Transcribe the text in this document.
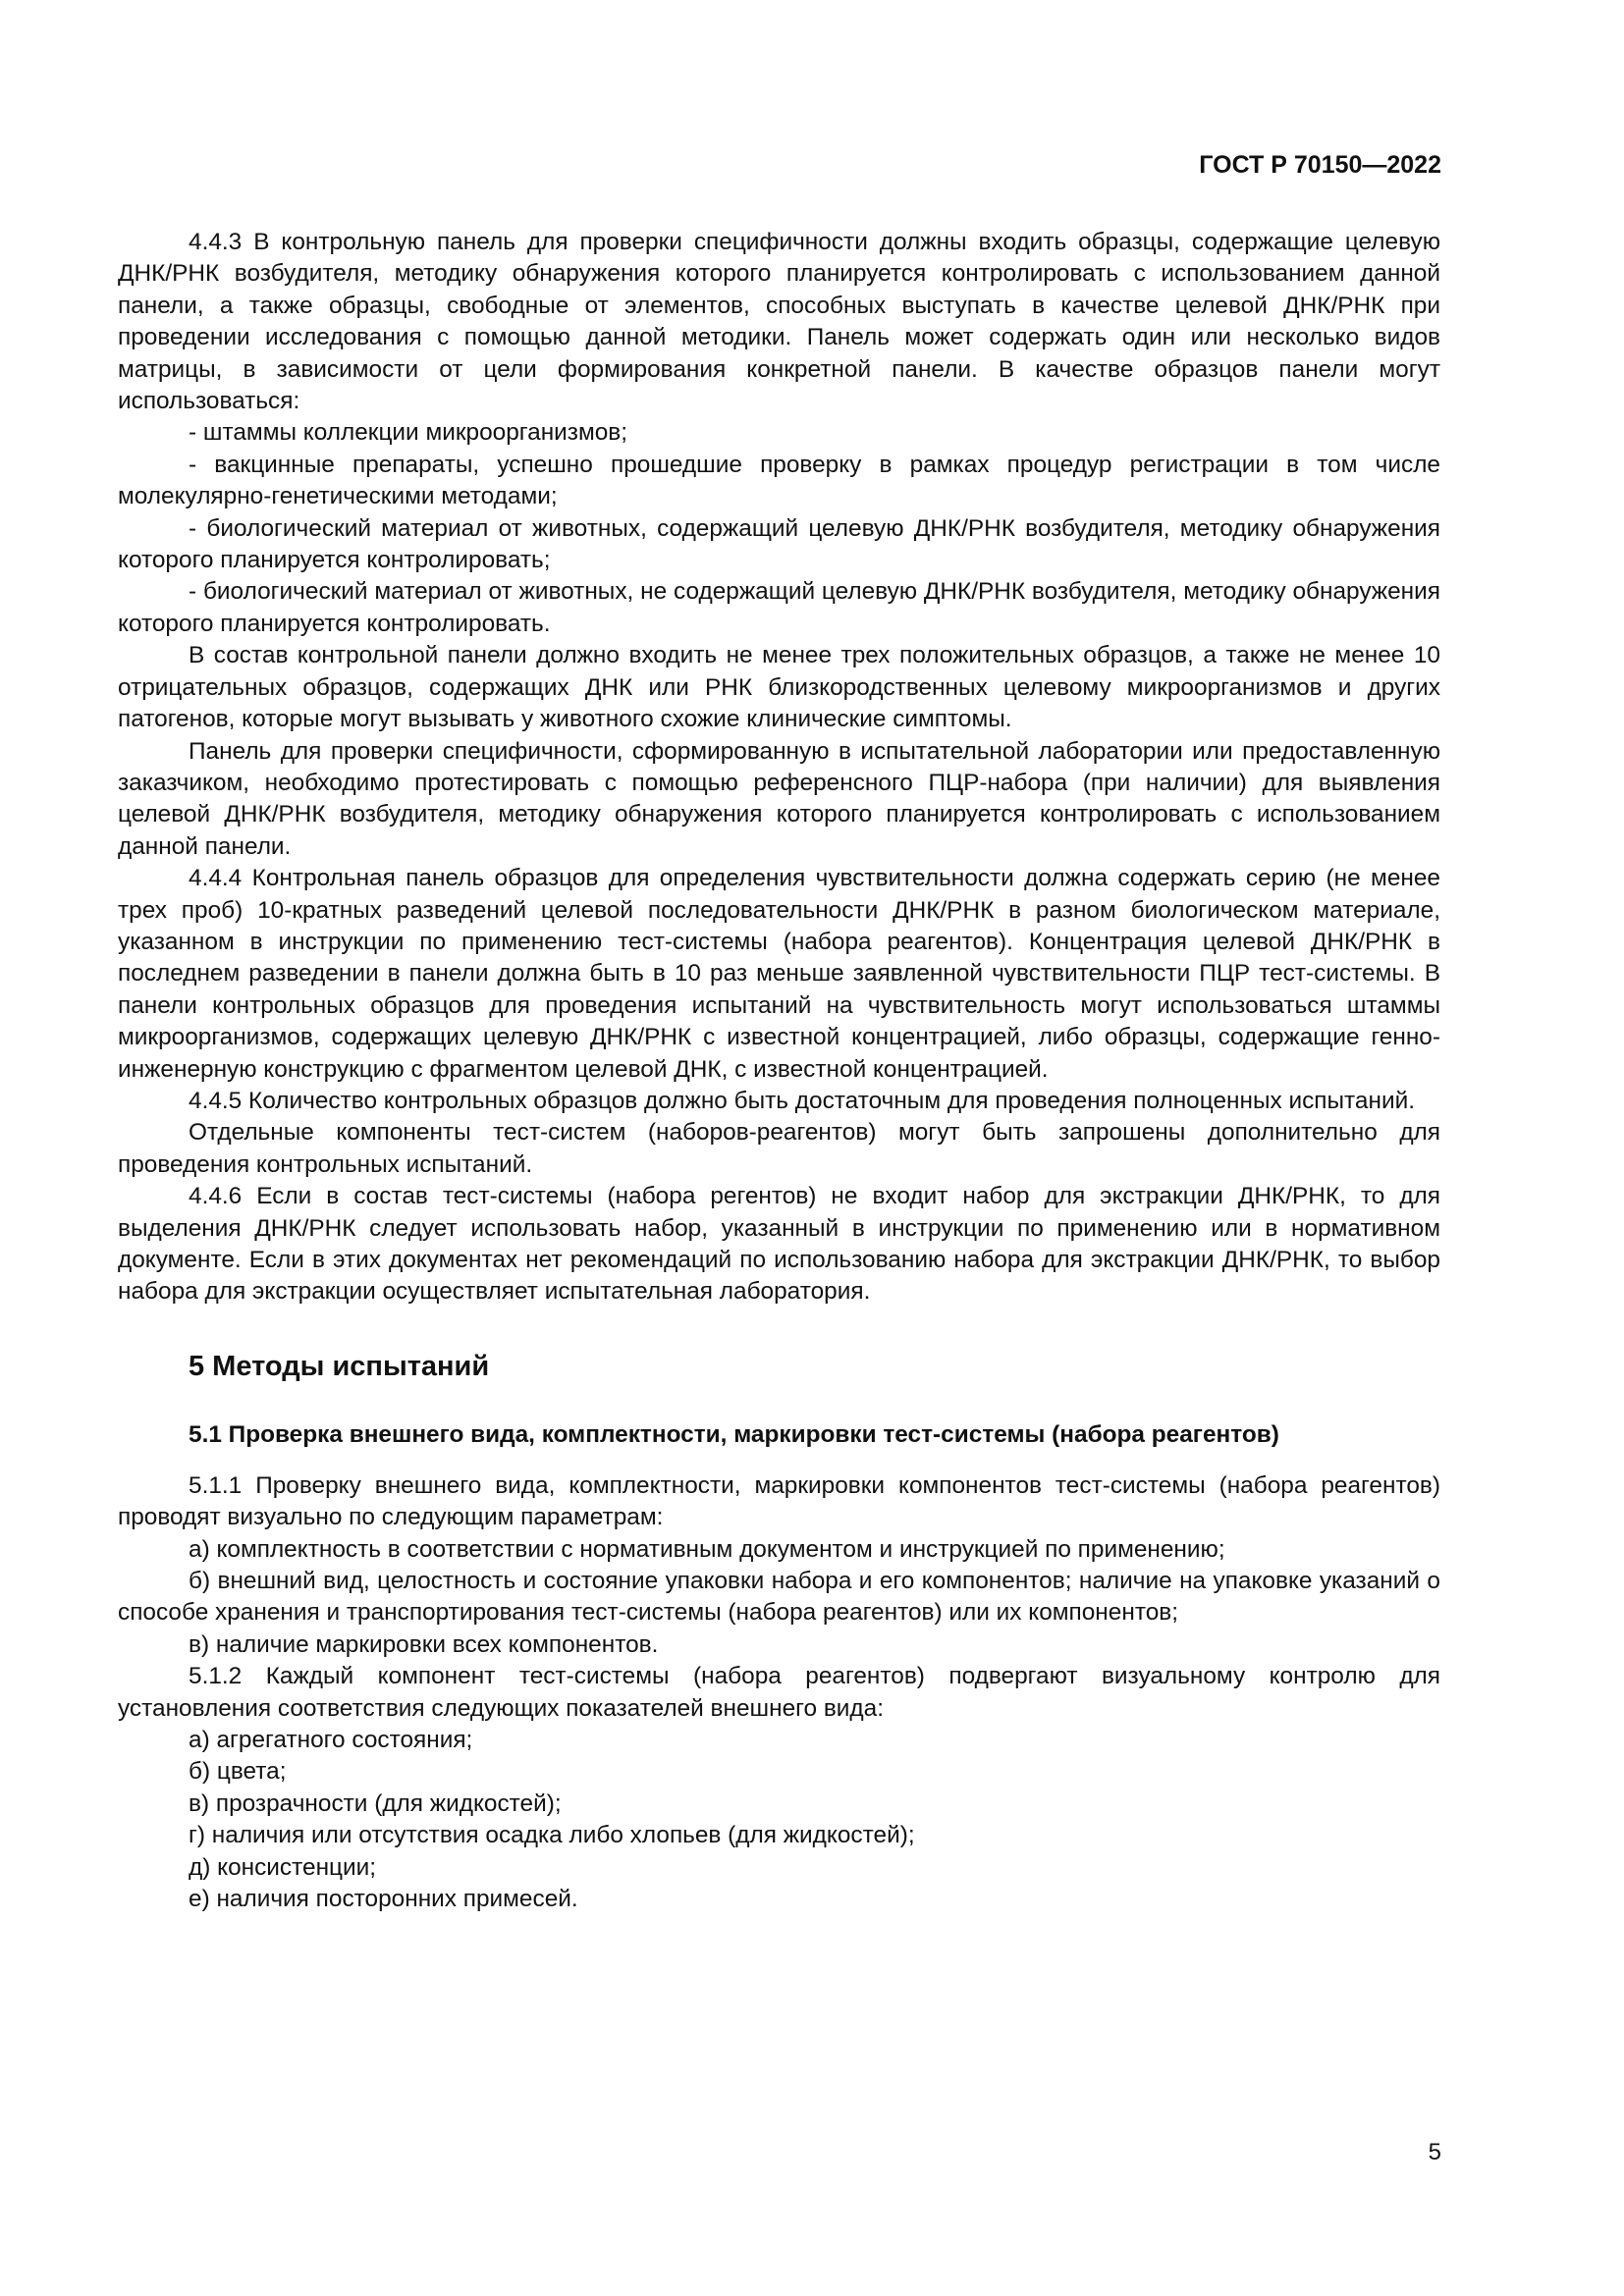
ГОСТ Р 70150—2022

4.4.3 В контрольную панель для проверки специфичности должны входить образцы, содержащие целевую ДНК/РНК возбудителя, методику обнаружения которого планируется контролировать с использованием данной панели, а также образцы, свободные от элементов, способных выступать в качестве целевой ДНК/РНК при проведении исследования с помощью данной методики. Панель может содержать один или несколько видов матрицы, в зависимости от цели формирования конкретной панели. В качестве образцов панели могут использоваться:

- штаммы коллекции микроорганизмов;

- вакцинные препараты, успешно прошедшие проверку в рамках процедур регистрации в том числе молекулярно-генетическими методами;

- биологический материал от животных, содержащий целевую ДНК/РНК возбудителя, методику обнаружения которого планируется контролировать;

- биологический материал от животных, не содержащий целевую ДНК/РНК возбудителя, методику обнаружения которого планируется контролировать.

В состав контрольной панели должно входить не менее трех положительных образцов, а также не менее 10 отрицательных образцов, содержащих ДНК или РНК близкородственных целевому микроорганизмов и других патогенов, которые могут вызывать у животного схожие клинические симптомы.

Панель для проверки специфичности, сформированную в испытательной лаборатории или предоставленную заказчиком, необходимо протестировать с помощью референсного ПЦР-набора (при наличии) для выявления целевой ДНК/РНК возбудителя, методику обнаружения которого планируется контролировать с использованием данной панели.

4.4.4 Контрольная панель образцов для определения чувствительности должна содержать серию (не менее трех проб) 10-кратных разведений целевой последовательности ДНК/РНК в разном биологическом материале, указанном в инструкции по применению тест-системы (набора реагентов). Концентрация целевой ДНК/РНК в последнем разведении в панели должна быть в 10 раз меньше заявленной чувствительности ПЦР тест-системы. В панели контрольных образцов для проведения испытаний на чувствительность могут использоваться штаммы микроорганизмов, содержащих целевую ДНК/РНК с известной концентрацией, либо образцы, содержащие генно-инженерную конструкцию с фрагментом целевой ДНК, с известной концентрацией.

4.4.5 Количество контрольных образцов должно быть достаточным для проведения полноценных испытаний.

Отдельные компоненты тест-систем (наборов-реагентов) могут быть запрошены дополнительно для проведения контрольных испытаний.

4.4.6 Если в состав тест-системы (набора регентов) не входит набор для экстракции ДНК/РНК, то для выделения ДНК/РНК следует использовать набор, указанный в инструкции по применению или в нормативном документе. Если в этих документах нет рекомендаций по использованию набора для экстракции ДНК/РНК, то выбор набора для экстракции осуществляет испытательная лаборатория.

5 Методы испытаний
5.1 Проверка внешнего вида, комплектности, маркировки тест-системы (набора реагентов)

5.1.1 Проверку внешнего вида, комплектности, маркировки компонентов тест-системы (набора реагентов) проводят визуально по следующим параметрам:

а) комплектность в соответствии с нормативным документом и инструкцией по применению;

б) внешний вид, целостность и состояние упаковки набора и его компонентов; наличие на упаковке указаний о способе хранения и транспортирования тест-системы (набора реагентов) или их компонентов;

в) наличие маркировки всех компонентов.

5.1.2 Каждый компонент тест-системы (набора реагентов) подвергают визуальному контролю для установления соответствия следующих показателей внешнего вида:

а) агрегатного состояния;

б) цвета;

в) прозрачности (для жидкостей);

г) наличия или отсутствия осадка либо хлопьев (для жидкостей);

д) консистенции;

е) наличия посторонних примесей.

5
